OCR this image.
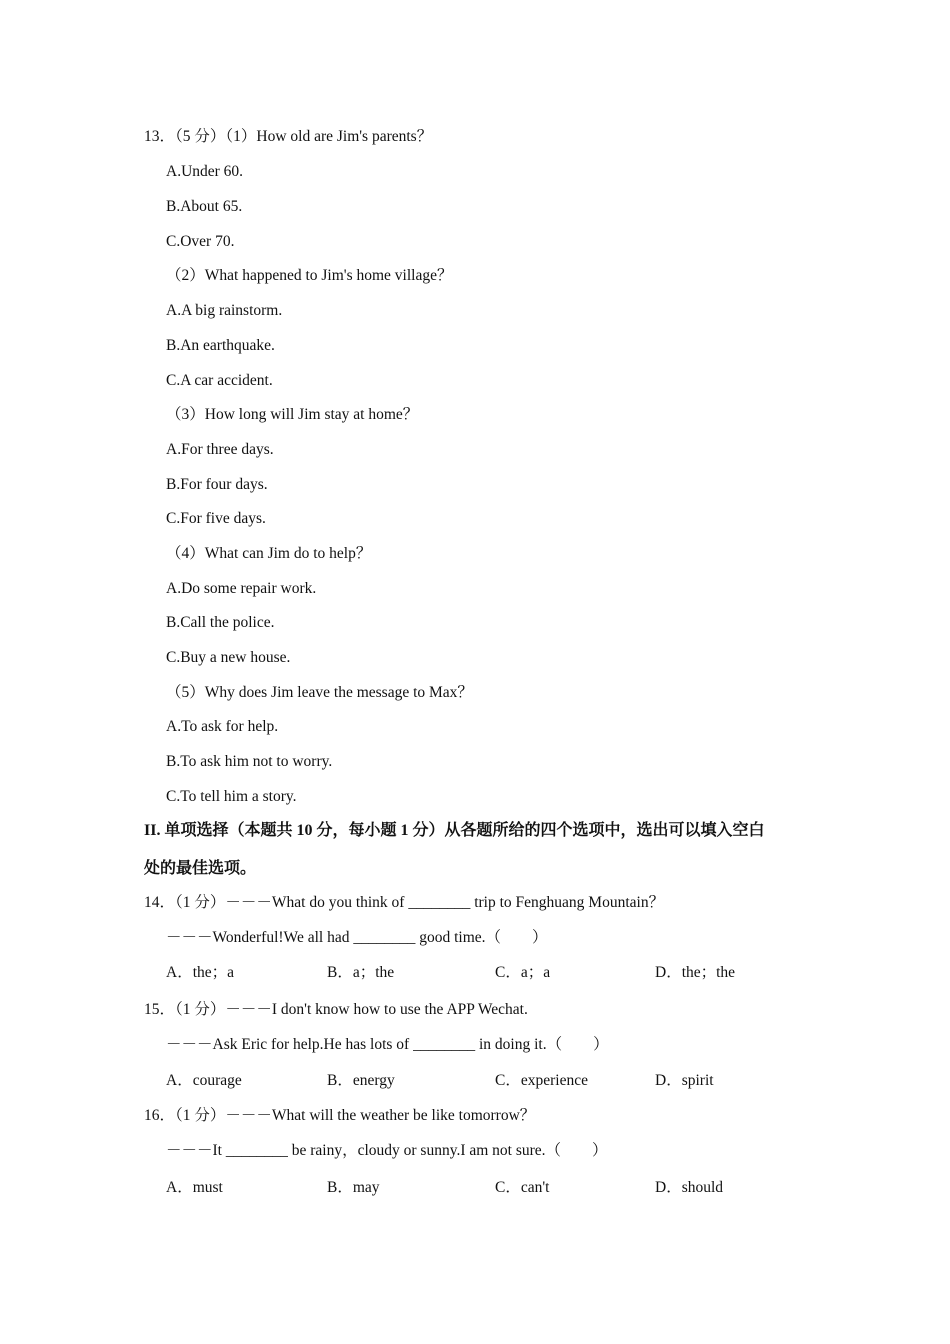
13．（5 分）（1）How old are Jim's parents？
A.Under 60.
B.About 65.
C.Over 70.
（2）What happened to Jim's home village？
A.A big rainstorm.
B.An earthquake.
C.A car accident.
（3）How long will Jim stay at home？
A.For three days.
B.For four days.
C.For five days.
（4）What can Jim do to help？
A.Do some repair work.
B.Call the police.
C.Buy a new house.
（5）Why does Jim leave the message to Max？
A.To ask for help.
B.To ask him not to worry.
C.To tell him a story.
II. 单项选择（本题共 10 分，每小题 1 分）从各题所给的四个选项中，选出可以填入空白
处的最佳选项。
14．（1 分）－－－What do you think of ________ trip to Fenghuang Mountain？
－－－Wonderful!We all had ________ good time.（　　）
A．the；a	B．a；the	C．a；a	D．the；the
15．（1 分）－－－I don't know how to use the APP Wechat.
－－－Ask Eric for help.He has lots of ________ in doing it.（　　）
A．courage	B．energy	C．experience	D．spirit
16．（1 分）－－－What will the weather be like tomorrow？
－－－It ________ be rainy，cloudy or sunny.I am not sure.（　　）
A．must	B．may	C．can't	D．should
